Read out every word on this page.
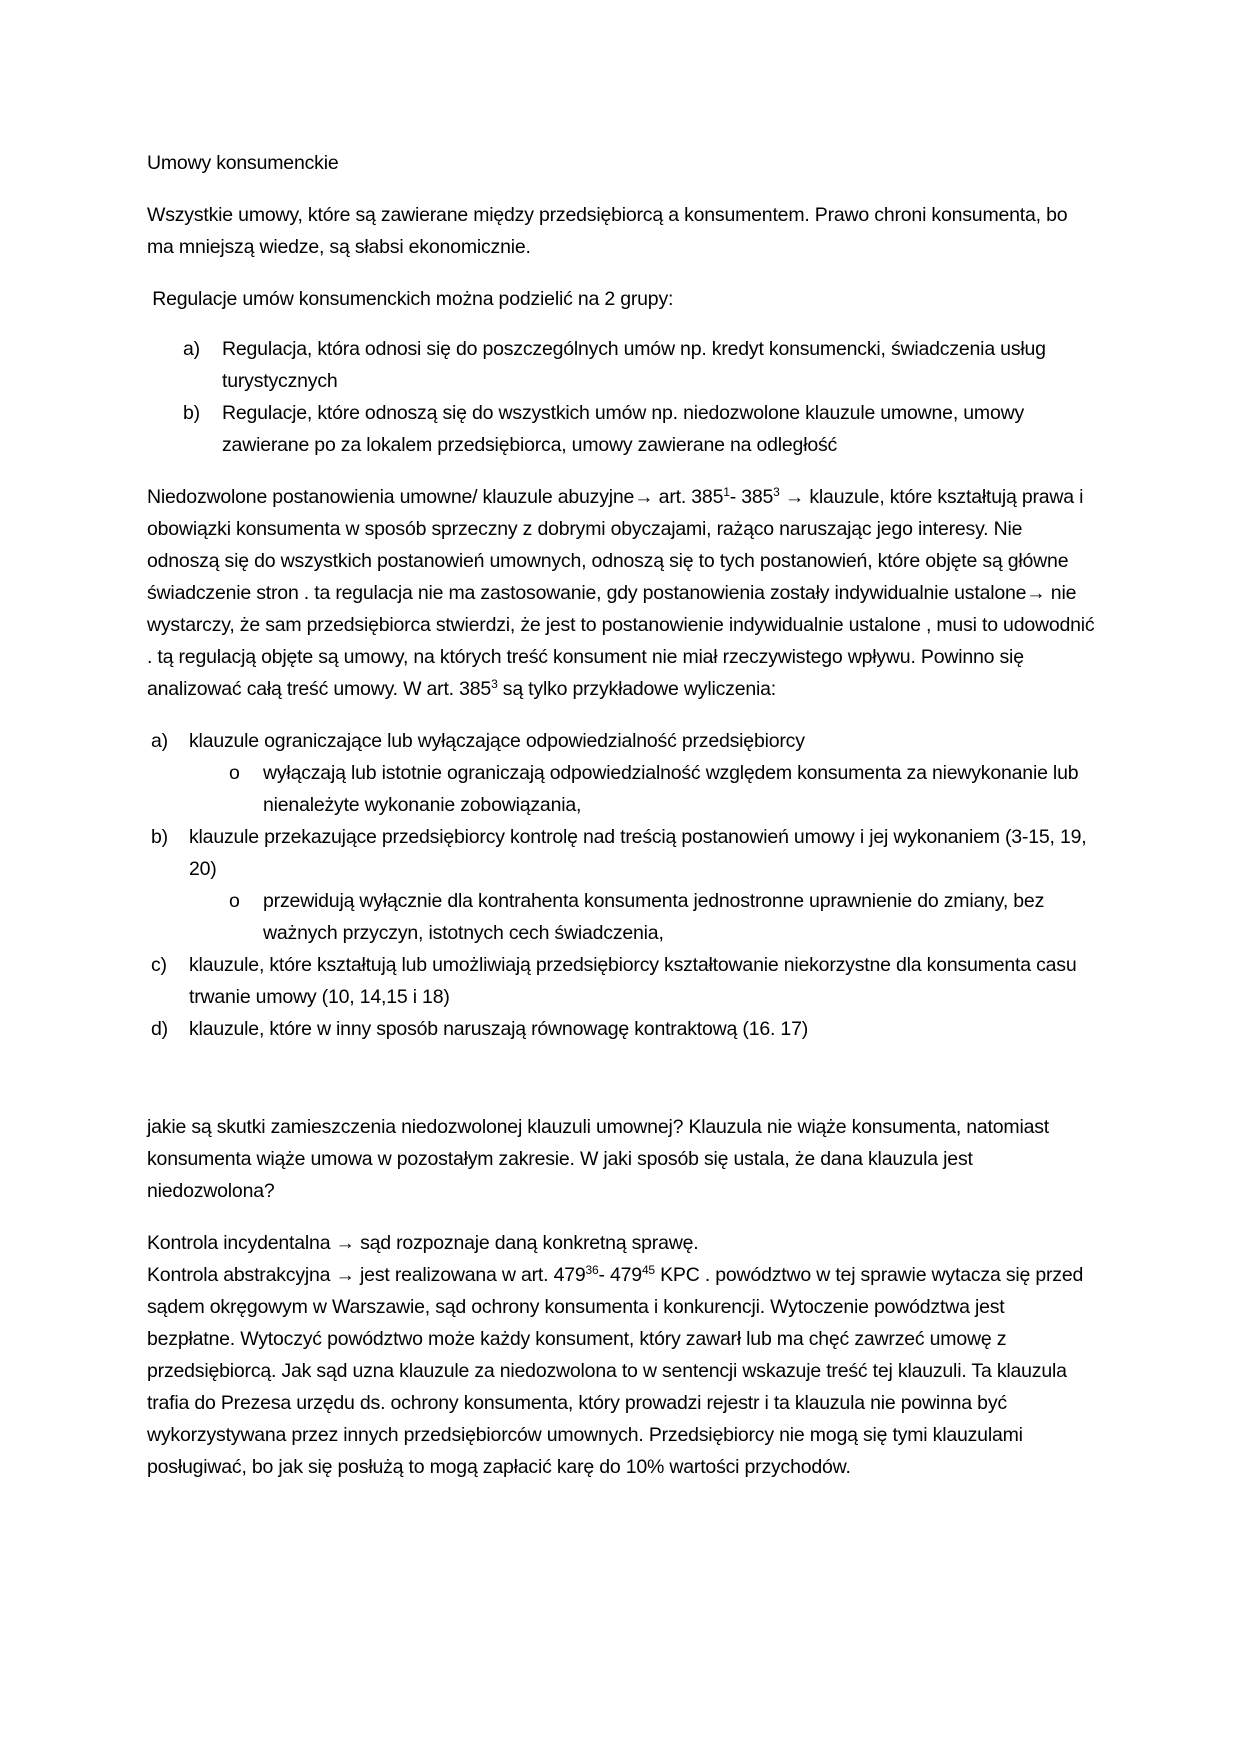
Umowy konsumenckie

Wszystkie umowy, które są zawierane między przedsiębiorcą a konsumentem. Prawo chroni konsumenta, bo ma mniejszą wiedze, są słabsi ekonomicznie.

Regulacje umów konsumenckich można podzielić na 2 grupy:

a) Regulacja, która odnosi się do poszczególnych umów np. kredyt konsumencki, świadczenia usług turystycznych
b) Regulacje, które odnoszą się do wszystkich umów np. niedozwolone klauzule umowne, umowy zawierane po za lokalem przedsiębiorca, umowy zawierane na odległość

Niedozwolone postanowienia umowne/ klauzule abuzyjne→ art. $385^1-$ $385^3$ → klauzule, które kształtują prawa i obowiązki konsumenta w sposób sprzeczny z dobrymi obyczajami, rażąco naruszając jego interesy. Nie odnoszą się do wszystkich postanowień umownych, odnoszą się to tych postanowień, które objęte są główne świadczenie stron . ta regulacja nie ma zastosowanie, gdy postanowienia zostały indywidualnie ustalone→ nie wystarczy, że sam przedsiębiorca stwierdzi, że jest to postanowienie indywidualnie ustalone , musi to udowodnić . tą regulacją objęte są umowy, na których treść konsument nie miał rzeczywistego wpływu. Powinno się analizować całą treść umowy. W art. $385^3$ są tylko przykładowe wyliczenia:

a) klauzule ograniczające lub wyłączające odpowiedzialność przedsiębiorcy
o wyłączają lub istotnie ograniczają odpowiedzialność względem konsumenta za niewykonanie lub nienależyte wykonanie zobowiązania,
b) klauzule przekazujące przedsiębiorcy kontrolę nad treścią postanowień umowy i jej wykonaniem (3-15, 19, 20)
o przewidują wyłącznie dla kontrahenta konsumenta jednostronne uprawnienie do zmiany, bez ważnych przyczyn, istotnych cech świadczenia,
c) klauzule, które kształtują lub umożliwiają przedsiębiorcy kształtowanie niekorzystne dla konsumenta casu trwanie umowy (10, 14,15 i 18)
d) klauzule, które w inny sposób naruszają równowagę kontraktową (16. 17)

jakie są skutki zamieszczenia niedozwolonej klauzuli umownej? Klauzula nie wiąże konsumenta, natomiast konsumenta wiąże umowa w pozostałym zakresie. W jaki sposób się ustala, że dana klauzula jest niedozwolona?

Kontrola incydentalna → sąd rozpoznaje daną konkretną sprawę.

Kontrola abstrakcyjna → jest realizowana w art. $479^{36}-$ $479^{45}$ KPC . powództwo w tej sprawie wytacza się przed sądem okręgowym w Warszawie, sąd ochrony konsumenta i konkurencji. Wytoczenie powództwa jest bezpłatne. Wytoczyć powództwo może każdy konsument, który zawarł lub ma chęć zawrzeć umowę z przedsiębiorcą. Jak sąd uzna klauzule za niedozwolona to w sentencji wskazuje treść tej klauzuli. Ta klauzula trafia do Prezesa urzędu ds. ochrony konsumenta, który prowadzi rejestr i ta klauzula nie powinna być wykorzystywana przez innych przedsiębiorców umownych. Przedsiębiorcy nie mogą się tymi klauzulami posługiwać, bo jak się posłużą to mogą zapłacić karę do 10% wartości przychodów.
